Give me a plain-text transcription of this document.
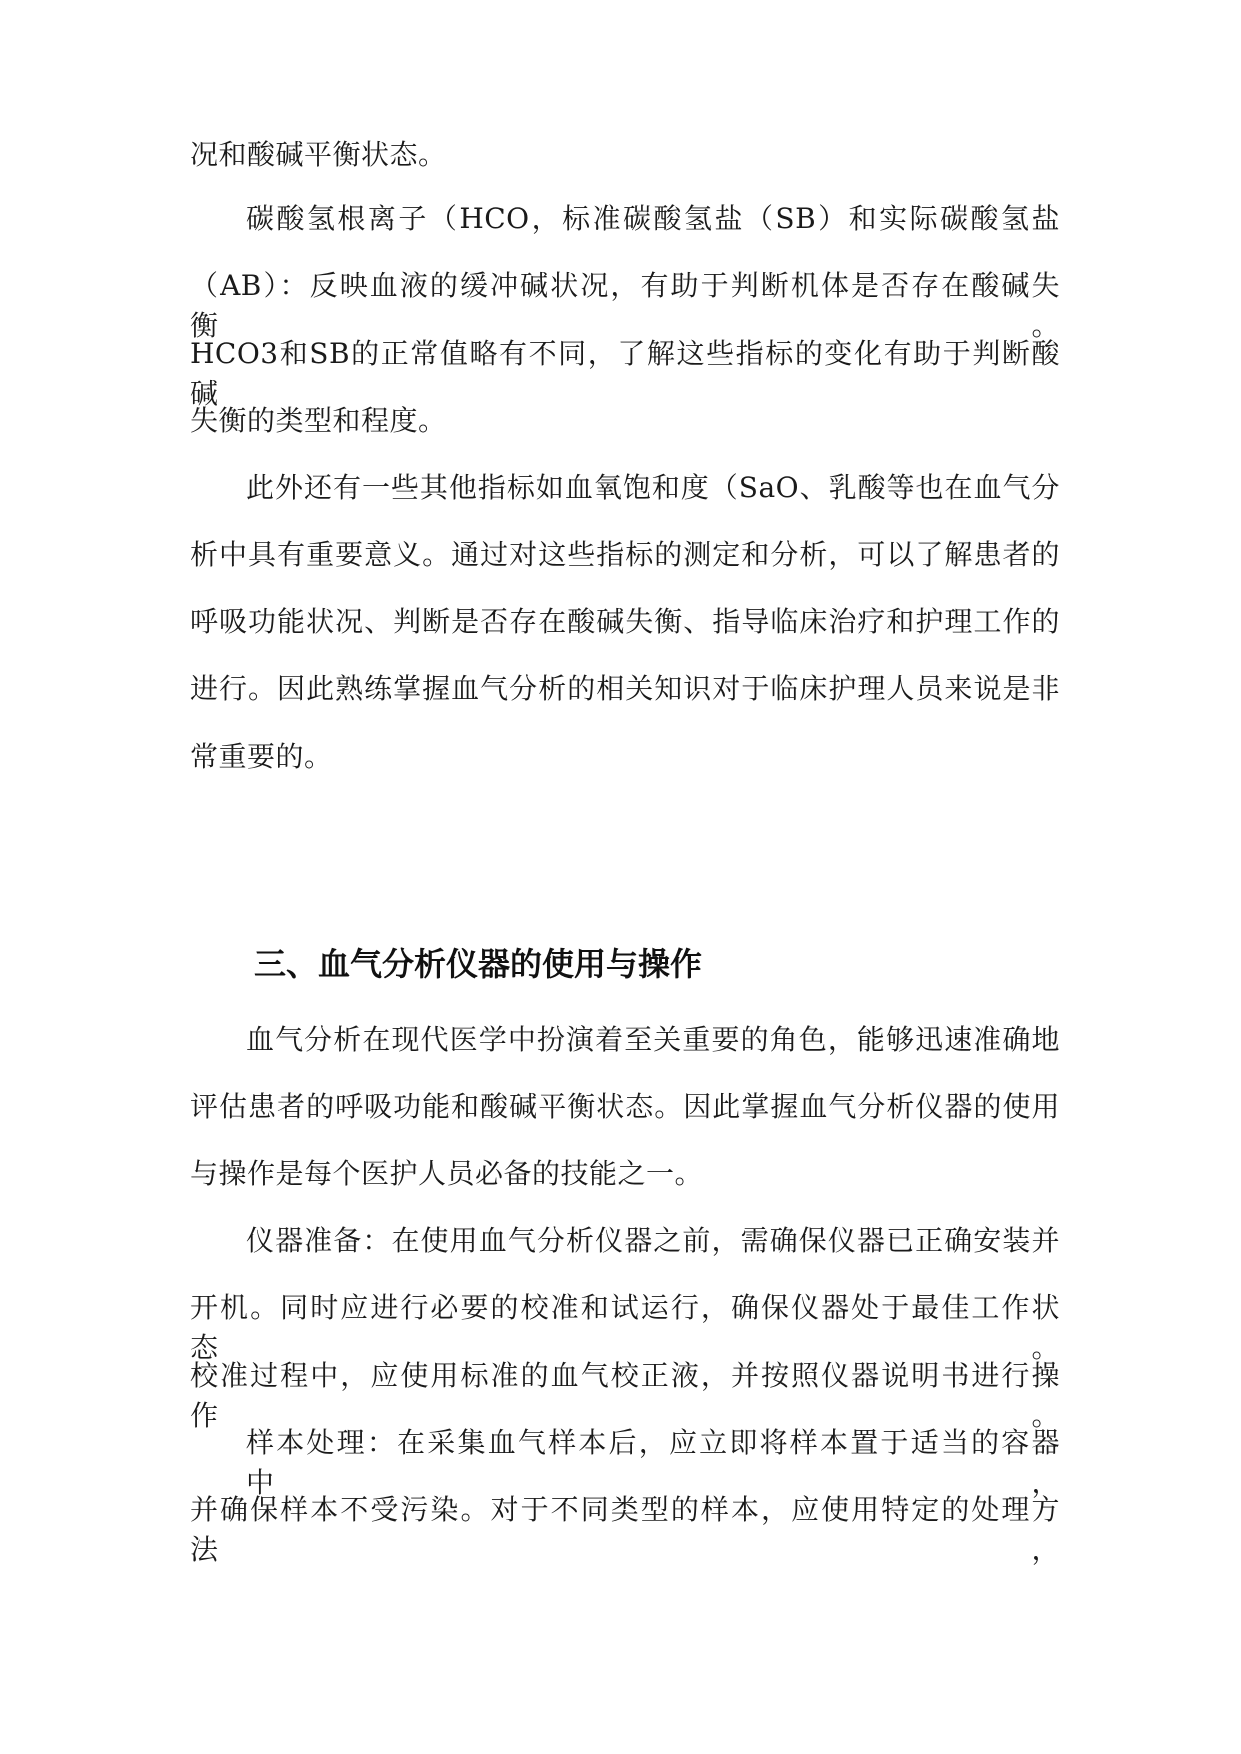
况和酸碱平衡状态。

碳酸氢根离子（HCO，标准碳酸氢盐（SB）和实际碳酸氢盐

（AB）：反映血液的缓冲碱状况，有助于判断机体是否存在酸碱失衡。

HCO3和SB的正常值略有不同，了解这些指标的变化有助于判断酸碱

失衡的类型和程度。

此外还有一些其他指标如血氧饱和度（SaO、乳酸等也在血气分

析中具有重要意义。通过对这些指标的测定和分析，可以了解患者的

呼吸功能状况、判断是否存在酸碱失衡、指导临床治疗和护理工作的

进行。因此熟练掌握血气分析的相关知识对于临床护理人员来说是非

常重要的。

三、血气分析仪器的使用与操作

血气分析在现代医学中扮演着至关重要的角色，能够迅速准确地

评估患者的呼吸功能和酸碱平衡状态。因此掌握血气分析仪器的使用

与操作是每个医护人员必备的技能之一。

仪器准备：在使用血气分析仪器之前，需确保仪器已正确安装并

开机。同时应进行必要的校准和试运行，确保仪器处于最佳工作状态。

校准过程中，应使用标准的血气校正液，并按照仪器说明书进行操作。

样本处理：在采集血气样本后，应立即将样本置于适当的容器中，

并确保样本不受污染。对于不同类型的样本，应使用特定的处理方法，
